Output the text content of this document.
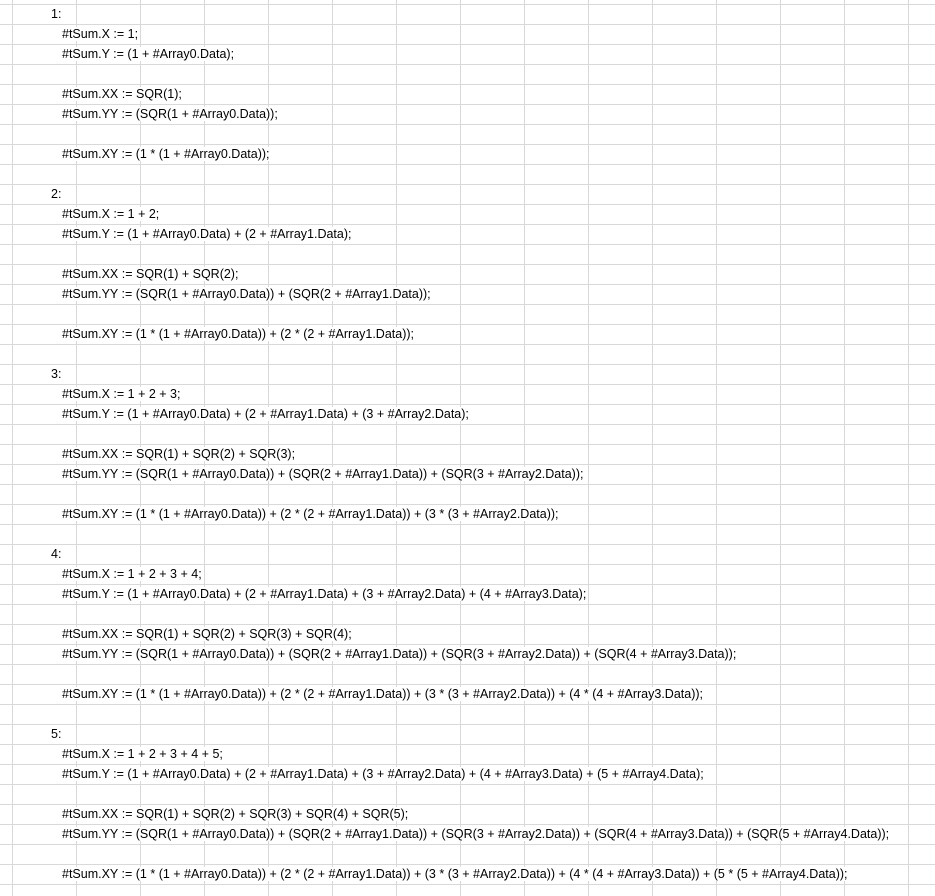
1:
#tSum.X := 1;
#tSum.Y := (1 + #Array0.Data);
#tSum.XX := SQR(1);
#tSum.YY := (SQR(1 + #Array0.Data));
#tSum.XY := (1 * (1 + #Array0.Data));
2:
#tSum.X := 1 + 2;
#tSum.Y := (1 + #Array0.Data) + (2 + #Array1.Data);
#tSum.XX := SQR(1) + SQR(2);
#tSum.YY := (SQR(1 + #Array0.Data)) + (SQR(2 + #Array1.Data));
#tSum.XY := (1 * (1 + #Array0.Data)) + (2 * (2 + #Array1.Data));
3:
#tSum.X := 1 + 2 + 3;
#tSum.Y := (1 + #Array0.Data) + (2 + #Array1.Data) + (3 + #Array2.Data);
#tSum.XX := SQR(1) + SQR(2) + SQR(3);
#tSum.YY := (SQR(1 + #Array0.Data)) + (SQR(2 + #Array1.Data)) + (SQR(3 + #Array2.Data));
#tSum.XY := (1 * (1 + #Array0.Data)) + (2 * (2 + #Array1.Data)) + (3 * (3 + #Array2.Data));
4:
#tSum.X := 1 + 2 + 3 + 4;
#tSum.Y := (1 + #Array0.Data) + (2 + #Array1.Data) + (3 + #Array2.Data) + (4 + #Array3.Data);
#tSum.XX := SQR(1) + SQR(2) + SQR(3) + SQR(4);
#tSum.YY := (SQR(1 + #Array0.Data)) + (SQR(2 + #Array1.Data)) + (SQR(3 + #Array2.Data)) + (SQR(4 + #Array3.Data));
#tSum.XY := (1 * (1 + #Array0.Data)) + (2 * (2 + #Array1.Data)) + (3 * (3 + #Array2.Data)) + (4 * (4 + #Array3.Data));
5:
#tSum.X := 1 + 2 + 3 + 4 + 5;
#tSum.Y := (1 + #Array0.Data) + (2 + #Array1.Data) + (3 + #Array2.Data) + (4 + #Array3.Data) + (5 + #Array4.Data);
#tSum.XX := SQR(1) + SQR(2) + SQR(3) + SQR(4) + SQR(5);
#tSum.YY := (SQR(1 + #Array0.Data)) + (SQR(2 + #Array1.Data)) + (SQR(3 + #Array2.Data)) + (SQR(4 + #Array3.Data)) + (SQR(5 + #Array4.Data));
#tSum.XY := (1 * (1 + #Array0.Data)) + (2 * (2 + #Array1.Data)) + (3 * (3 + #Array2.Data)) + (4 * (4 + #Array3.Data)) + (5 * (5 + #Array4.Data));
